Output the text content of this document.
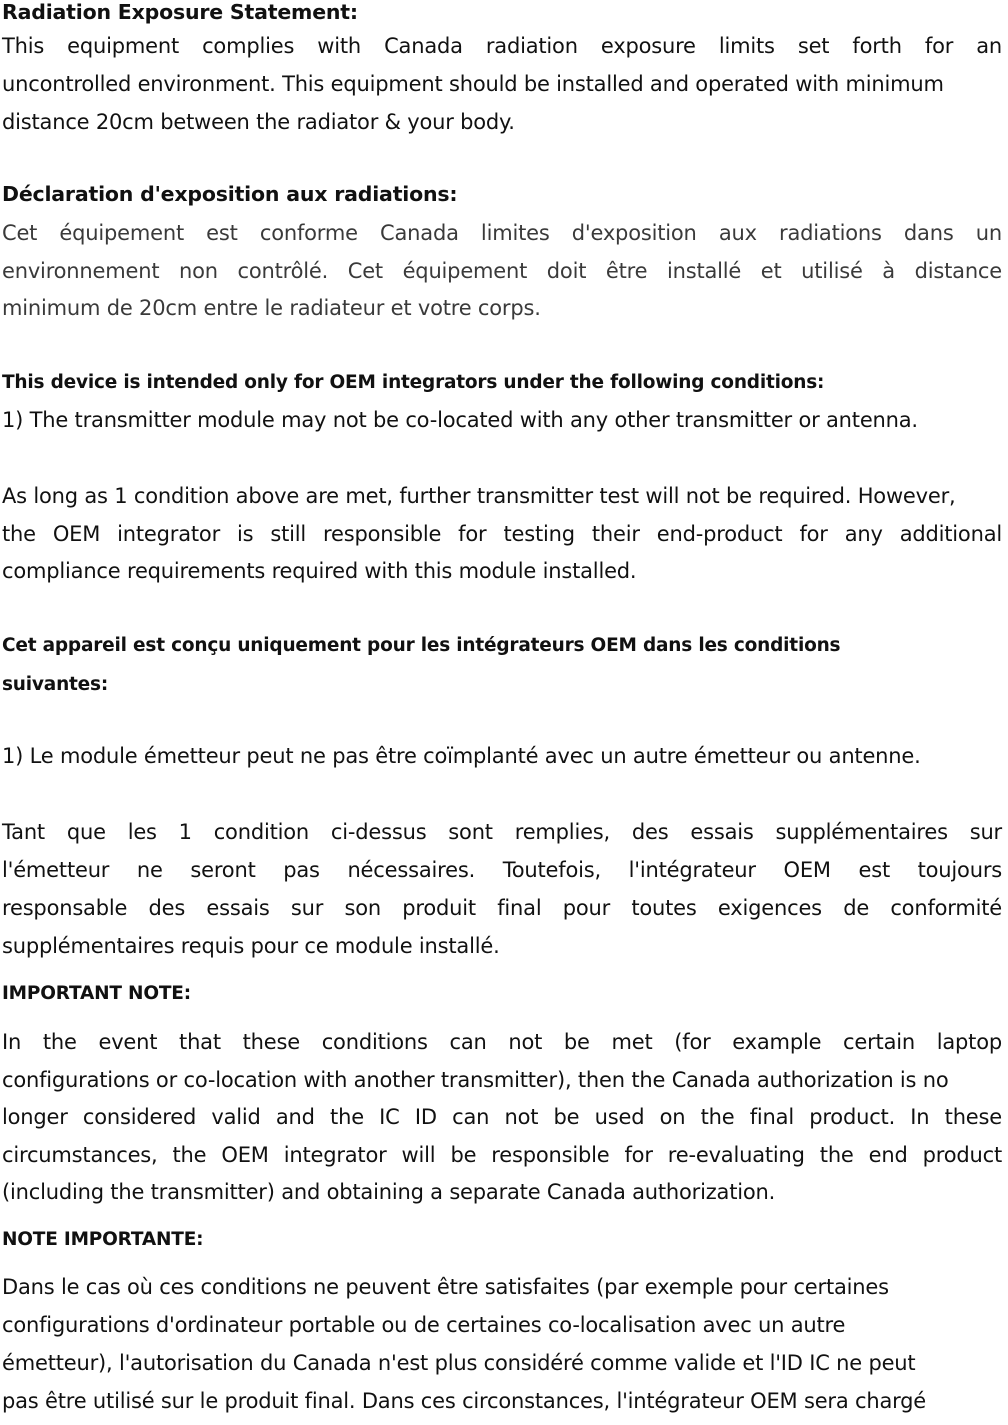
Radiation Exposure Statement:
This equipment complies with Canada radiation exposure limits set forth for an
uncontrolled environment. This equipment should be installed and operated with minimum
distance 20cm between the radiator & your body.
Déclaration d'exposition aux radiations:
Cet équipement est conforme Canada limites d'exposition aux radiations dans un
environnement non contrôlé. Cet équipement doit être installé et utilisé à distance
minimum de 20cm entre le radiateur et votre corps.
This device is intended only for OEM integrators under the following conditions:
1) The transmitter module may not be co-located with any other transmitter or antenna.
As long as 1 condition above are met, further transmitter test will not be required. However,
the OEM integrator is still responsible for testing their end-product for any additional
compliance requirements required with this module installed.
Cet appareil est conçu uniquement pour les intégrateurs OEM dans les conditions
suivantes:
1) Le module émetteur peut ne pas être coïmplanté avec un autre émetteur ou antenne.
Tant que les 1 condition ci-dessus sont remplies, des essais supplémentaires sur
l'émetteur ne seront pas nécessaires. Toutefois, l'intégrateur OEM est toujours
responsable des essais sur son produit final pour toutes exigences de conformité
supplémentaires requis pour ce module installé.
IMPORTANT NOTE:
In the event that these conditions can not be met (for example certain laptop
configurations or co-location with another transmitter), then the Canada authorization is no
longer considered valid and the IC ID can not be used on the final product. In these
circumstances, the OEM integrator will be responsible for re-evaluating the end product
(including the transmitter) and obtaining a separate Canada authorization.
NOTE IMPORTANTE:
Dans le cas où ces conditions ne peuvent être satisfaites (par exemple pour certaines
configurations d'ordinateur portable ou de certaines co-localisation avec un autre
émetteur), l'autorisation du Canada n'est plus considéré comme valide et l'ID IC ne peut
pas être utilisé sur le produit final. Dans ces circonstances, l'intégrateur OEM sera chargé
